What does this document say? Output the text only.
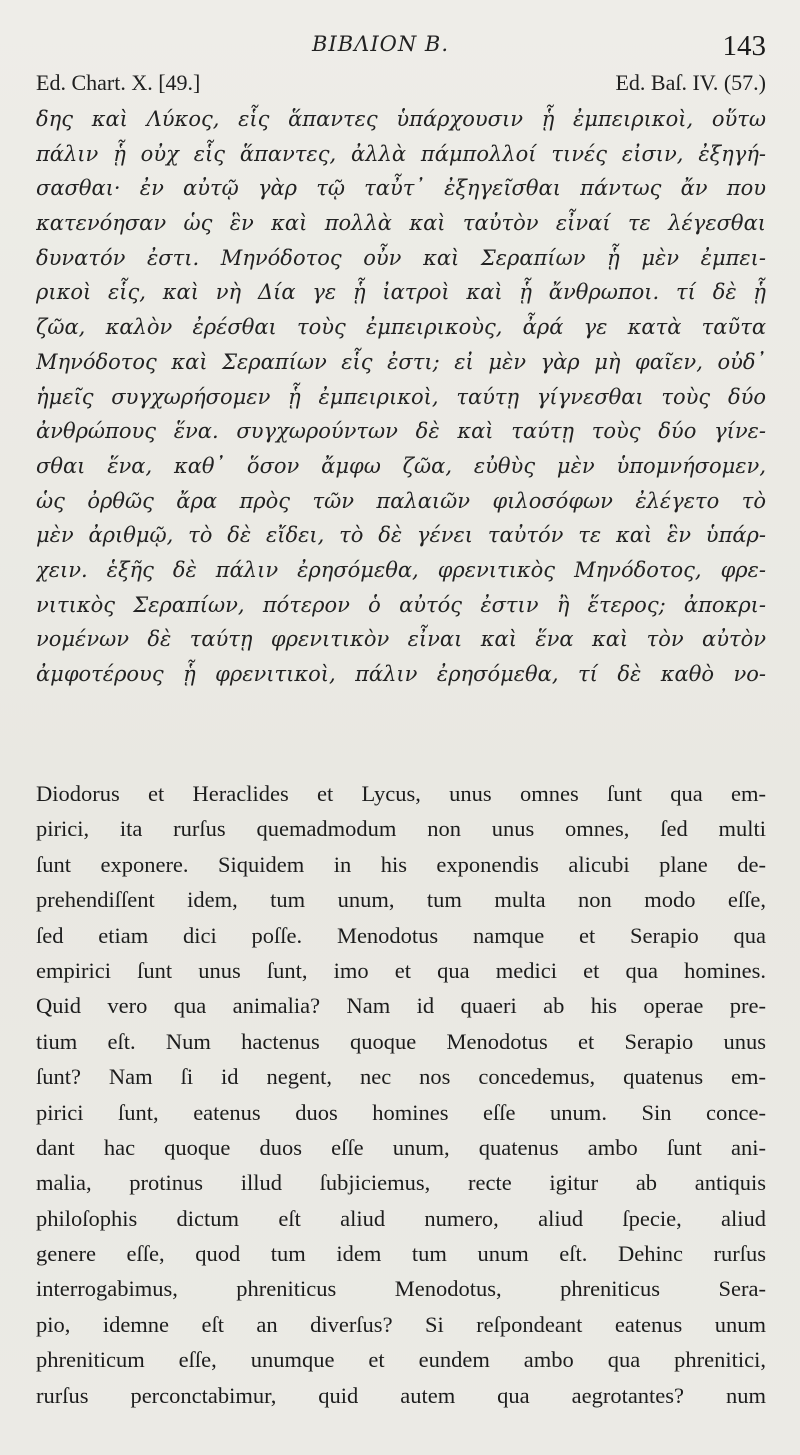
ΒΙΒΛΙΟΝ Β.	143
Ed. Chart. X. [49.]	Ed. Baſ. IV. (57.)
δης καὶ Λύκος, εἷς ἅπαντες ὑπάρχουσιν ᾗ ἐμπειρικοὶ, οὕτω
πάλιν ᾗ οὐχ εἷς ἅπαντες, ἀλλὰ πάμπολλοί τινές εἰσιν, ἐξηγή-
σασθαι· ἐν αὐτῷ γὰρ τῷ ταὖτ᾽ ἐξηγεῖσθαι πάντως ἄν που
κατενόησαν ὡς ἓν καὶ πολλὰ καὶ ταὐτὸν εἶναί τε λέγεσθαι
δυνατόν ἐστι. Μηνόδοτος οὖν καὶ Σεραπίων ᾗ μὲν ἐμπει-
ρικοὶ εἷς, καὶ νὴ Δία γε ᾗ ἰατροὶ καὶ ᾗ ἄνθρωποι. τί δὲ ᾗ
ζῶα, καλὸν ἐρέσθαι τοὺς ἐμπειρικοὺς, ἆρά γε κατὰ ταῦτα
Μηνόδοτος καὶ Σεραπίων εἷς ἐστι; εἰ μὲν γὰρ μὴ φαῖεν, οὐδ᾽
ἡμεῖς συγχωρήσομεν ᾗ ἐμπειρικοὶ, ταύτῃ γίγνεσθαι τοὺς δύο
ἀνθρώπους ἕνα. συγχωρούντων δὲ καὶ ταύτῃ τοὺς δύο γίνε-
σθαι ἕνα, καθ᾽ ὅσον ἄμφω ζῶα, εὐθὺς μὲν ὑπομνήσομεν,
ὡς ὀρθῶς ἄρα πρὸς τῶν παλαιῶν φιλοσόφων ἐλέγετο τὸ
μὲν ἀριθμῷ, τὸ δὲ εἴδει, τὸ δὲ γένει ταὐτόν τε καὶ ἓν ὑπάρ-
χειν. ἑξῆς δὲ πάλιν ἐρησόμεθα, φρενιτικὸς Μηνόδοτος, φρε-
νιτικὸς Σεραπίων, πότερον ὁ αὐτός ἐστιν ἢ ἕτερος; ἀποκρι-
νομένων δὲ ταύτῃ φρενιτικὸν εἶναι καὶ ἕνα καὶ τὸν αὐτὸν
ἀμφοτέρους ᾗ φρενιτικοὶ, πάλιν ἐρησόμεθα, τί δὲ καθὸ νο-
Diodorus et Heraclides et Lycus, unus omnes ſunt qua em-
pirici, ita rurſus quemadmodum non unus omnes, ſed multi
ſunt exponere. Siquidem in his exponendis alicubi plane de-
prehendiſſent idem, tum unum, tum multa non modo eſſe,
ſed etiam dici poſſe. Menodotus namque et Serapio qua
empirici ſunt unus ſunt, imo et qua medici et qua homines.
Quid vero qua animalia? Nam id quaeri ab his operae pre-
tium eſt. Num hactenus quoque Menodotus et Serapio unus
ſunt? Nam ſi id negent, nec nos concedemus, quatenus em-
pirici ſunt, eatenus duos homines eſſe unum. Sin conce-
dant hac quoque duos eſſe unum, quatenus ambo ſunt ani-
malia, protinus illud ſubjiciemus, recte igitur ab antiquis
philoſophis dictum eſt aliud numero, aliud ſpecie, aliud
genere eſſe, quod tum idem tum unum eſt. Dehinc rurſus
interrogabimus, phreniticus Menodotus, phreniticus Sera-
pio, idemne eſt an diverſus? Si reſpondeant eatenus unum
phreniticum eſſe, unumque et eundem ambo qua phrenitici,
rurſus perconctabimur, quid autem qua aegrotantes? num
